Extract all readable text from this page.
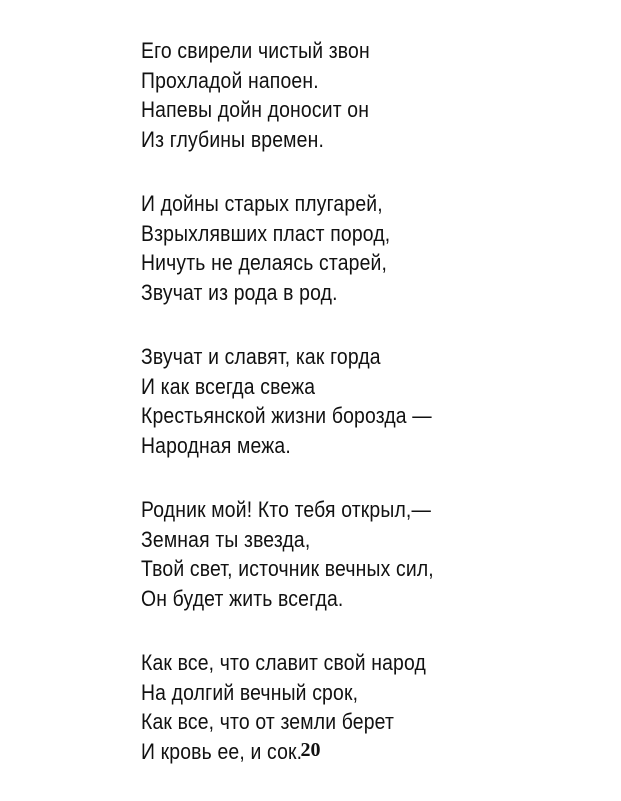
Его свирели чистый звон
Прохладой напоен.
Напевы дойн доносит он
Из глубины времен.
И дойны старых плугарей,
Взрыхлявших пласт пород,
Ничуть не делаясь старей,
Звучат из рода в род.
Звучат и славят, как горда
И как всегда свежа
Крестьянской жизни борозда —
Народная межа.
Родник мой! Кто тебя открыл,—
Земная ты звезда,
Твой свет, источник вечных сил,
Он будет жить всегда.
Как все, что славит свой народ
На долгий вечный срок,
Как все, что от земли берет
И кровь ее, и сок.
20
